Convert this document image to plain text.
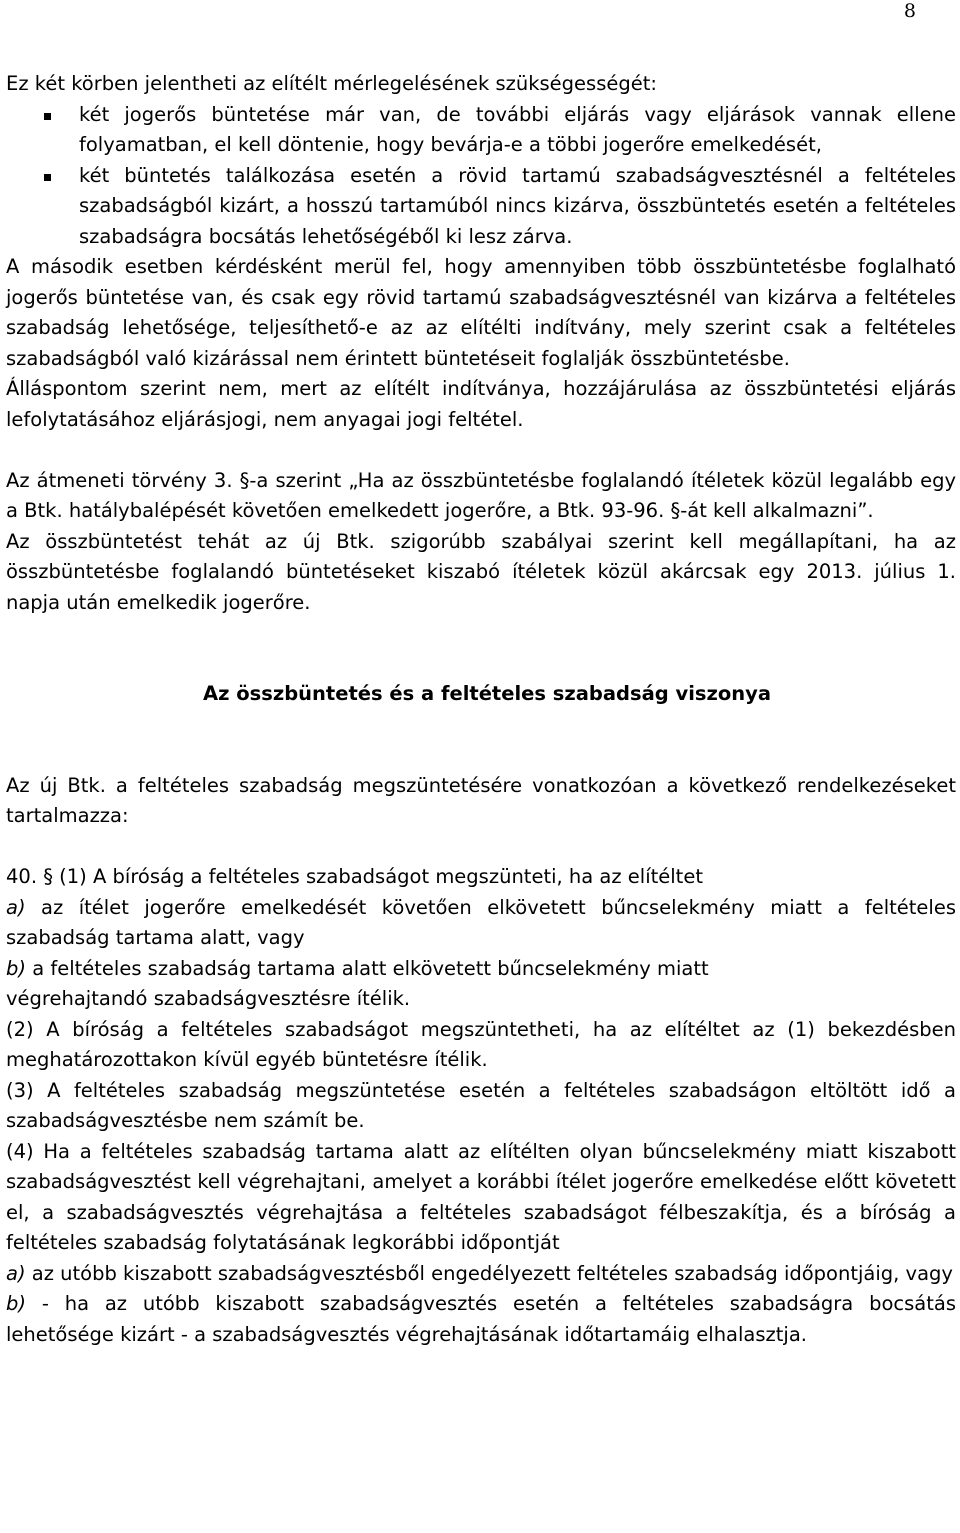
8

Ez két körben jelentheti az elítélt mérlegelésének szükségességét:

két jogerős büntetése már van, de további eljárás vagy eljárások vannak ellene folyamatban, el kell döntenie, hogy bevárja-e a többi jogerőre emelkedését,
két büntetés találkozása esetén a rövid tartamú szabadságvesztésnél a feltételes szabadságból kizárt, a hosszú tartamúból nincs kizárva, összbüntetés esetén a feltételes szabadságra bocsátás lehetőségéből ki lesz zárva.

A második esetben kérdésként merül fel, hogy amennyiben több összbüntetésbe foglalható jogerős büntetése van, és csak egy rövid tartamú szabadságvesztésnél van kizárva a feltételes szabadság lehetősége, teljesíthető-e az az elítélti indítvány, mely szerint csak a feltételes szabadságból való kizárással nem érintett büntetéseit foglalják összbüntetésbe.

Álláspontom szerint nem, mert az elítélt indítványa, hozzájárulása az összbüntetési eljárás lefolytatásához eljárásjogi, nem anyagai jogi feltétel.

Az átmeneti törvény 3. §-a szerint „Ha az összbüntetésbe foglalandó ítéletek közül legalább egy a Btk. hatálybalépését követően emelkedett jogerőre, a Btk. 93-96. §-át kell alkalmazni”.

Az összbüntetést tehát az új Btk. szigorúbb szabályai szerint kell megállapítani, ha az összbüntetésbe foglalandó büntetéseket kiszabó ítéletek közül akárcsak egy 2013. július 1. napja után emelkedik jogerőre.

Az összbüntetés és a feltételes szabadság viszonya

Az új Btk. a feltételes szabadság megszüntetésére vonatkozóan a következő rendelkezéseket tartalmazza:

40. § (1) A bíróság a feltételes szabadságot megszünteti, ha az elítéltet

a) az ítélet jogerőre emelkedését követően elkövetett bűncselekmény miatt a feltételes szabadság tartama alatt, vagy

b) a feltételes szabadság tartama alatt elkövetett bűncselekmény miatt
végrehajtandó szabadságvesztésre ítélik.

(2) A bíróság a feltételes szabadságot megszüntetheti, ha az elítéltet az (1) bekezdésben meghatározottakon kívül egyéb büntetésre ítélik.

(3) A feltételes szabadság megszüntetése esetén a feltételes szabadságon eltöltött idő a szabadságvesztésbe nem számít be.

(4) Ha a feltételes szabadság tartama alatt az elítélten olyan bűncselekmény miatt kiszabott szabadságvesztést kell végrehajtani, amelyet a korábbi ítélet jogerőre emelkedése előtt követett el, a szabadságvesztés végrehajtása a feltételes szabadságot félbeszakítja, és a bíróság a feltételes szabadság folytatásának legkorábbi időpontját

a) az utóbb kiszabott szabadságvesztésből engedélyezett feltételes szabadság időpontjáig, vagy

b) - ha az utóbb kiszabott szabadságvesztés esetén a feltételes szabadságra bocsátás lehetősége kizárt - a szabadságvesztés végrehajtásának időtartamáig elhalasztja.
